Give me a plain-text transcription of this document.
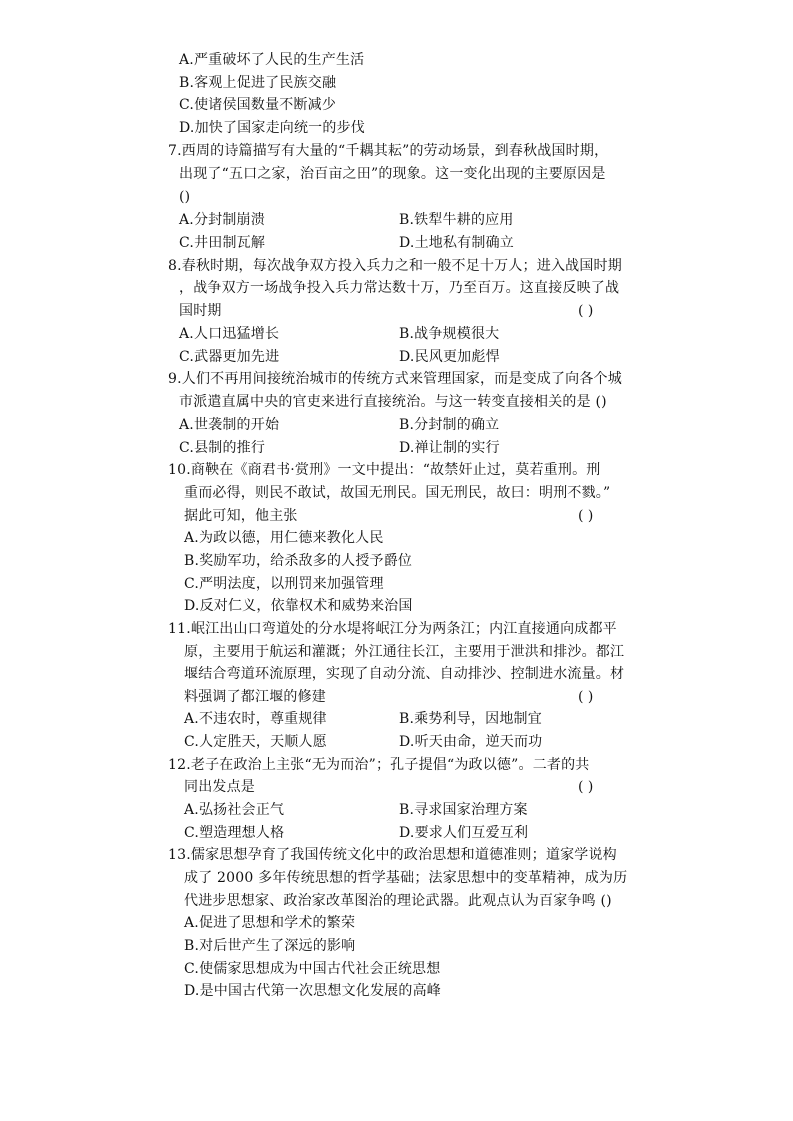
A.严重破坏了人民的生产生活
B.客观上促进了民族交融
C.使诸侯国数量不断减少
D.加快了国家走向统一的步伐
7.西周的诗篇描写有大量的“千耦其耘”的劳动场景，到春秋战国时期，
出现了“五口之家，治百亩之田”的现象。这一变化出现的主要原因是
()
A.分封制崩溃	B.铁犁牛耕的应用
C.井田制瓦解	D.土地私有制确立
8.春秋时期，每次战争双方投入兵力之和一般不足十万人；进入战国时期
，战争双方一场战争投入兵力常达数十万，乃至百万。这直接反映了战
国时期	( )
A.人口迅猛增长	B.战争规模很大
C.武器更加先进	D.民风更加彪悍
9.人们不再用间接统治城市的传统方式来管理国家，而是变成了向各个城
市派遣直属中央的官吏来进行直接统治。与这一转变直接相关的是 ()
A.世袭制的开始	B.分封制的确立
C.县制的推行	D.禅让制的实行
10.商鞅在《商君书·赏刑》一文中提出：“故禁奸止过，莫若重刑。刑
重而必得，则民不敢试，故国无刑民。国无刑民，故曰：明刑不戮。”
据此可知，他主张	( )
A.为政以德，用仁德来教化人民
B.奖励军功，给杀敌多的人授予爵位
C.严明法度，以刑罚来加强管理
D.反对仁义，依靠权术和威势来治国
11.岷江出山口弯道处的分水堤将岷江分为两条江；内江直接通向成都平
原，主要用于航运和灌溉；外江通往长江，主要用于泄洪和排沙。都江
堰结合弯道环流原理，实现了自动分流、自动排沙、控制进水流量。材
料强调了都江堰的修建	( )
A.不违农时，尊重规律	B.乘势利导，因地制宜
C.人定胜天，天顺人愿	D.听天由命，逆天而功
12.老子在政治上主张“无为而治”；孔子提倡“为政以德”。二者的共
同出发点是	( )
A.弘扬社会正气	B.寻求国家治理方案
C.塑造理想人格	D.要求人们互爱互利
13.儒家思想孕育了我国传统文化中的政治思想和道德准则；道家学说构
成了 2000 多年传统思想的哲学基础；法家思想中的变革精神，成为历
代进步思想家、政治家改革图治的理论武器。此观点认为百家争鸣 ()
A.促进了思想和学术的繁荣
B.对后世产生了深远的影响
C.使儒家思想成为中国古代社会正统思想
D.是中国古代第一次思想文化发展的高峰
